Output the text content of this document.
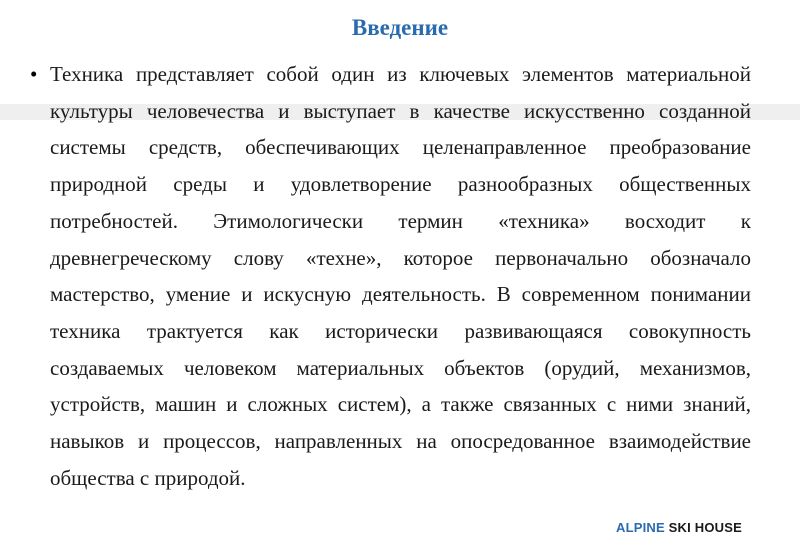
Введение
• Техника представляет собой один из ключевых элементов материальной культуры человечества и выступает в качестве искусственно созданной системы средств, обеспечивающих целенаправленное преобразование природной среды и удовлетворение разнообразных общественных потребностей. Этимологически термин «техника» восходит к древнегреческому слову «техне», которое первоначально обозначало мастерство, умение и искусную деятельность. В современном понимании техника трактуется как исторически развивающаяся совокупность создаваемых человеком материальных объектов (орудий, механизмов, устройств, машин и сложных систем), а также связанных с ними знаний, навыков и процессов, направленных на опосредованное взаимодействие общества с природой.

ALPINE SKI HOUSE
